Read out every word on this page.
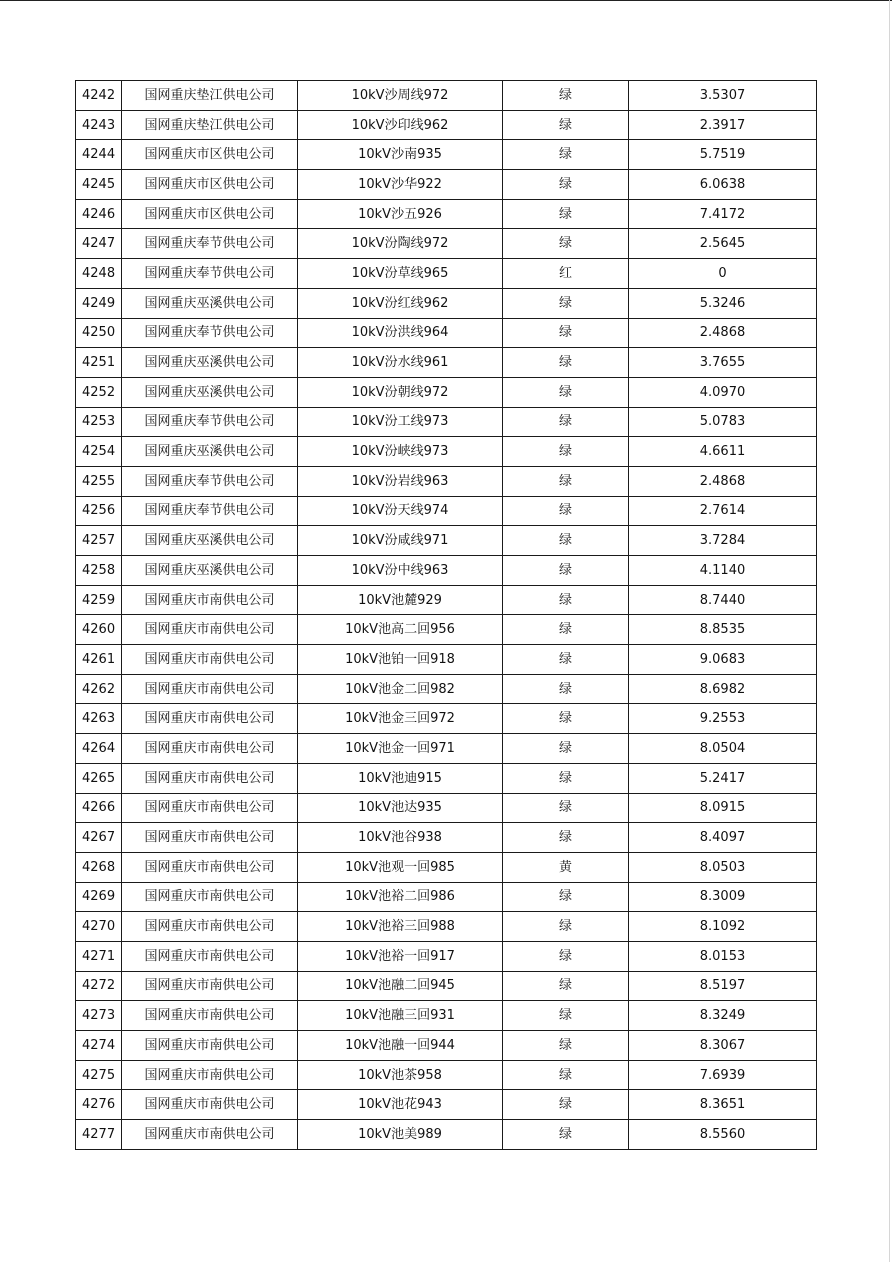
4242	国网重庆垫江供电公司	10kV沙周线972	绿	3.5307
4243	国网重庆垫江供电公司	10kV沙印线962	绿	2.3917
4244	国网重庆市区供电公司	10kV沙南935	绿	5.7519
4245	国网重庆市区供电公司	10kV沙华922	绿	6.0638
4246	国网重庆市区供电公司	10kV沙五926	绿	7.4172
4247	国网重庆奉节供电公司	10kV汾陶线972	绿	2.5645
4248	国网重庆奉节供电公司	10kV汾草线965	红	0
4249	国网重庆巫溪供电公司	10kV汾红线962	绿	5.3246
4250	国网重庆奉节供电公司	10kV汾洪线964	绿	2.4868
4251	国网重庆巫溪供电公司	10kV汾水线961	绿	3.7655
4252	国网重庆巫溪供电公司	10kV汾朝线972	绿	4.0970
4253	国网重庆奉节供电公司	10kV汾工线973	绿	5.0783
4254	国网重庆巫溪供电公司	10kV汾峡线973	绿	4.6611
4255	国网重庆奉节供电公司	10kV汾岩线963	绿	2.4868
4256	国网重庆奉节供电公司	10kV汾天线974	绿	2.7614
4257	国网重庆巫溪供电公司	10kV汾咸线971	绿	3.7284
4258	国网重庆巫溪供电公司	10kV汾中线963	绿	4.1140
4259	国网重庆市南供电公司	10kV池麓929	绿	8.7440
4260	国网重庆市南供电公司	10kV池高二回956	绿	8.8535
4261	国网重庆市南供电公司	10kV池铂一回918	绿	9.0683
4262	国网重庆市南供电公司	10kV池金二回982	绿	8.6982
4263	国网重庆市南供电公司	10kV池金三回972	绿	9.2553
4264	国网重庆市南供电公司	10kV池金一回971	绿	8.0504
4265	国网重庆市南供电公司	10kV池迪915	绿	5.2417
4266	国网重庆市南供电公司	10kV池达935	绿	8.0915
4267	国网重庆市南供电公司	10kV池谷938	绿	8.4097
4268	国网重庆市南供电公司	10kV池观一回985	黄	8.0503
4269	国网重庆市南供电公司	10kV池裕二回986	绿	8.3009
4270	国网重庆市南供电公司	10kV池裕三回988	绿	8.1092
4271	国网重庆市南供电公司	10kV池裕一回917	绿	8.0153
4272	国网重庆市南供电公司	10kV池融二回945	绿	8.5197
4273	国网重庆市南供电公司	10kV池融三回931	绿	8.3249
4274	国网重庆市南供电公司	10kV池融一回944	绿	8.3067
4275	国网重庆市南供电公司	10kV池茶958	绿	7.6939
4276	国网重庆市南供电公司	10kV池花943	绿	8.3651
4277	国网重庆市南供电公司	10kV池美989	绿	8.5560
